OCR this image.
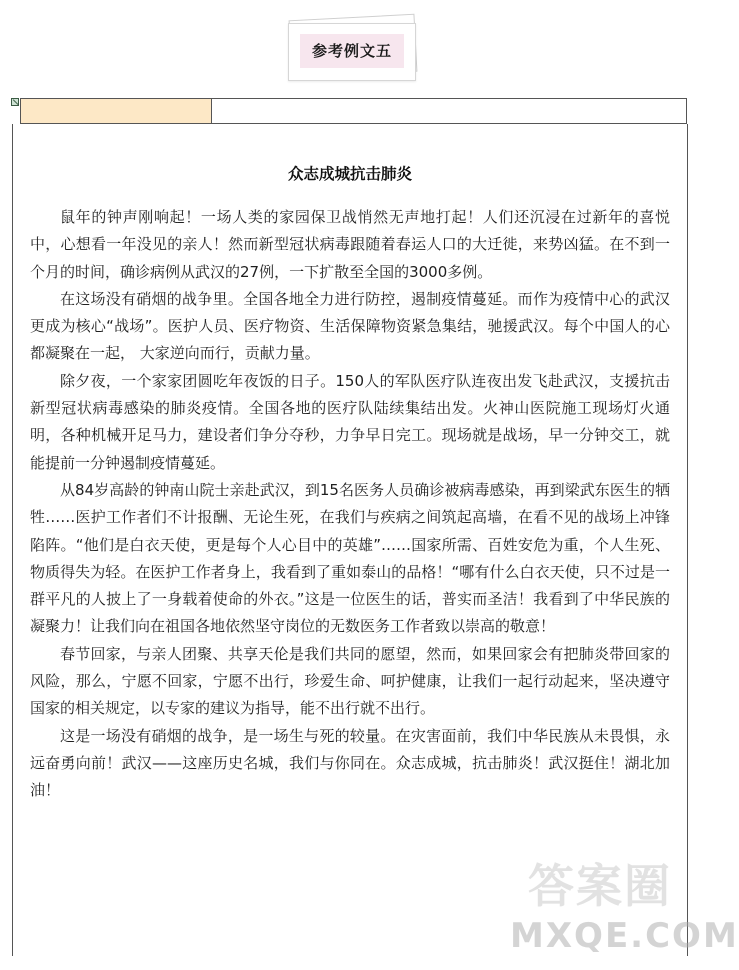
参考例文五
众志成城抗击肺炎

鼠年的钟声刚响起！一场人类的家园保卫战悄然无声地打起！人们还沉浸在过新年的喜悦中，心想看一年没见的亲人！然而新型冠状病毒跟随着春运人口的大迁徙，来势凶猛。在不到一个月的时间，确诊病例从武汉的27例，一下扩散至全国的3000多例。

在这场没有硝烟的战争里。全国各地全力进行防控，遏制疫情蔓延。而作为疫情中心的武汉更成为核心“战场”。医护人员、医疗物资、生活保障物资紧急集结，驰援武汉。每个中国人的心都凝聚在一起， 大家逆向而行，贡献力量。

除夕夜，一个家家团圆吃年夜饭的日子。150人的军队医疗队连夜出发飞赴武汉，支援抗击新型冠状病毒感染的肺炎疫情。全国各地的医疗队陆续集结出发。火神山医院施工现场灯火通明，各种机械开足马力，建设者们争分夺秒，力争早日完工。现场就是战场，早一分钟交工，就能提前一分钟遏制疫情蔓延。

从84岁高龄的钟南山院士亲赴武汉，到15名医务人员确诊被病毒感染，再到梁武东医生的牺牲……医护工作者们不计报酬、无论生死，在我们与疾病之间筑起高墙，在看不见的战场上冲锋陷阵。“他们是白衣天使，更是每个人心目中的英雄”……国家所需、百姓安危为重，个人生死、物质得失为轻。在医护工作者身上，我看到了重如泰山的品格！“哪有什么白衣天使，只不过是一群平凡的人披上了一身载着使命的外衣。”这是一位医生的话，普实而圣洁！我看到了中华民族的凝聚力！让我们向在祖国各地依然坚守岗位的无数医务工作者致以崇高的敬意！

春节回家，与亲人团聚、共享天伦是我们共同的愿望，然而，如果回家会有把肺炎带回家的风险，那么，宁愿不回家，宁愿不出行，珍爱生命、呵护健康，让我们一起行动起来，坚决遵守国家的相关规定，以专家的建议为指导，能不出行就不出行。

这是一场没有硝烟的战争，是一场生与死的较量。在灾害面前，我们中华民族从未畏惧，永远奋勇向前！武汉——这座历史名城，我们与你同在。众志成城，抗击肺炎！武汉挺住！湖北加油！

答案圈
MXQE.COM
